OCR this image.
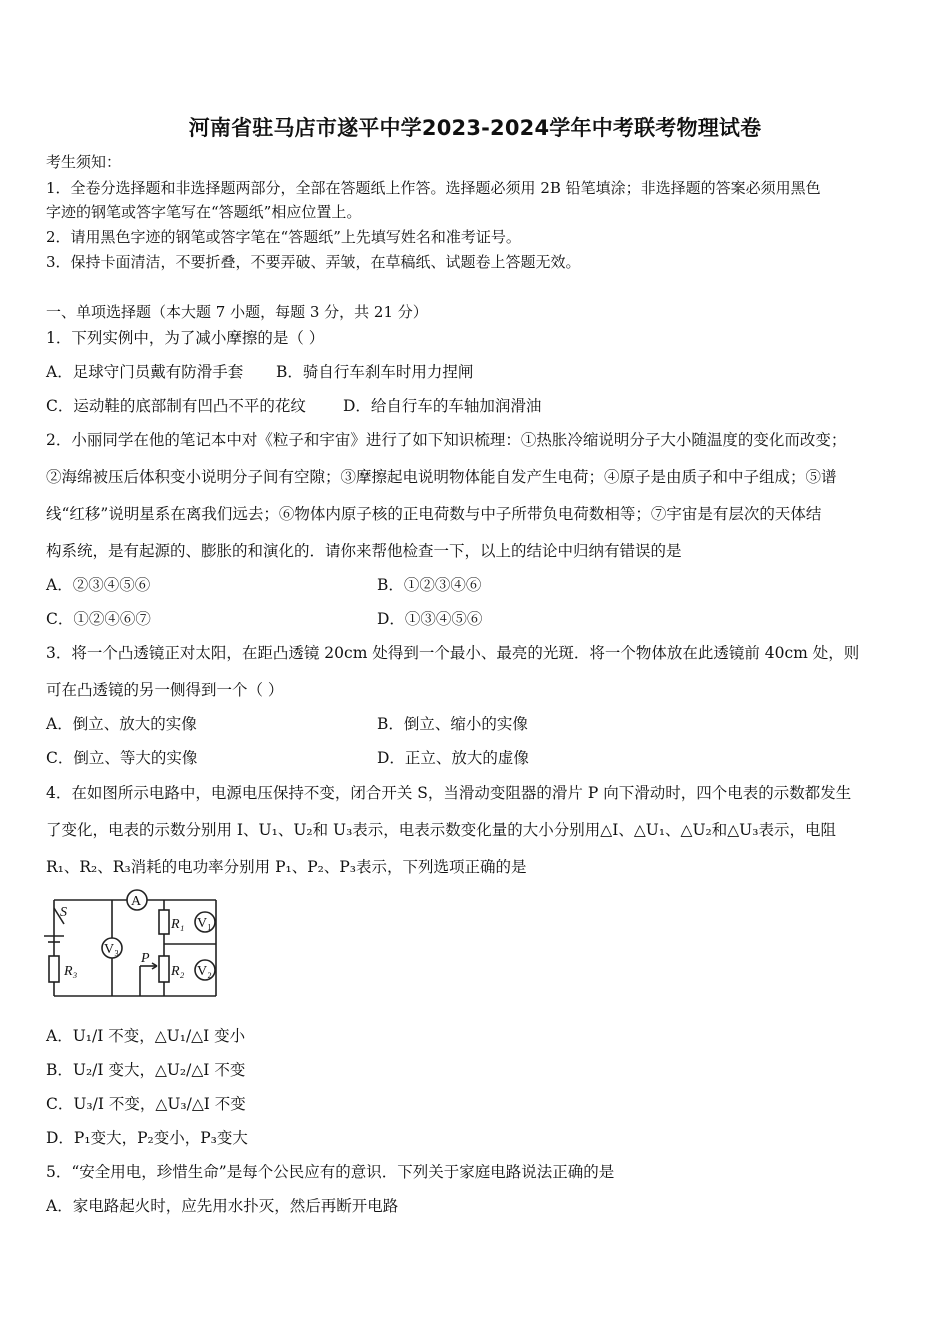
河南省驻马店市遂平中学2023-2024学年中考联考物理试卷
考生须知：
1．全卷分选择题和非选择题两部分，全部在答题纸上作答。选择题必须用 2B 铅笔填涂；非选择题的答案必须用黑色
字迹的钢笔或答字笔写在“答题纸”相应位置上。
2．请用黑色字迹的钢笔或答字笔在“答题纸”上先填写姓名和准考证号。
3．保持卡面清洁，不要折叠，不要弄破、弄皱，在草稿纸、试题卷上答题无效。
一、单项选择题（本大题 7 小题，每题 3 分，共 21 分）
1．下列实例中，为了减小摩擦的是（ ）
A．足球守门员戴有防滑手套 B．骑自行车刹车时用力捏闸
C．运动鞋的底部制有凹凸不平的花纹 D．给自行车的车轴加润滑油
2．小丽同学在他的笔记本中对《粒子和宇宙》进行了如下知识梳理：①热胀冷缩说明分子大小随温度的变化而改变；
②海绵被压后体积变小说明分子间有空隙；③摩擦起电说明物体能自发产生电荷；④原子是由质子和中子组成；⑤谱
线“红移”说明星系在离我们远去；⑥物体内原子核的正电荷数与中子所带负电荷数相等；⑦宇宙是有层次的天体结
构系统，是有起源的、膨胀的和演化的．请你来帮他检查一下，以上的结论中归纳有错误的是
A．②③④⑤⑥	B．①②③④⑥
C．①②④⑥⑦	D．①③④⑤⑥
3．将一个凸透镜正对太阳，在距凸透镜 20cm 处得到一个最小、最亮的光斑．将一个物体放在此透镜前 40cm 处，则
可在凸透镜的另一侧得到一个（ ）
A．倒立、放大的实像	B．倒立、缩小的实像
C．倒立、等大的实像	D．正立、放大的虚像
4．在如图所示电路中，电源电压保持不变，闭合开关 S，当滑动变阻器的滑片 P 向下滑动时，四个电表的示数都发生
了变化，电表的示数分别用 I、U₁、U₂和 U₃表示，电表示数变化量的大小分别用△I、△U₁、△U₂和△U₃表示，电阻
R₁、R₂、R₃消耗的电功率分别用 P₁、P₂、P₃表示，下列选项正确的是
S
A
V₃
V₁
V₂
R₁
R₂
R₃
P
A．U₁/I 不变，△U₁/△I 变小
B．U₂/I 变大，△U₂/△I 不变
C．U₃/I 不变，△U₃/△I 不变
D．P₁变大，P₂变小，P₃变大
5．“安全用电，珍惜生命”是每个公民应有的意识．下列关于家庭电路说法正确的是
A．家电路起火时，应先用水扑灭，然后再断开电路
